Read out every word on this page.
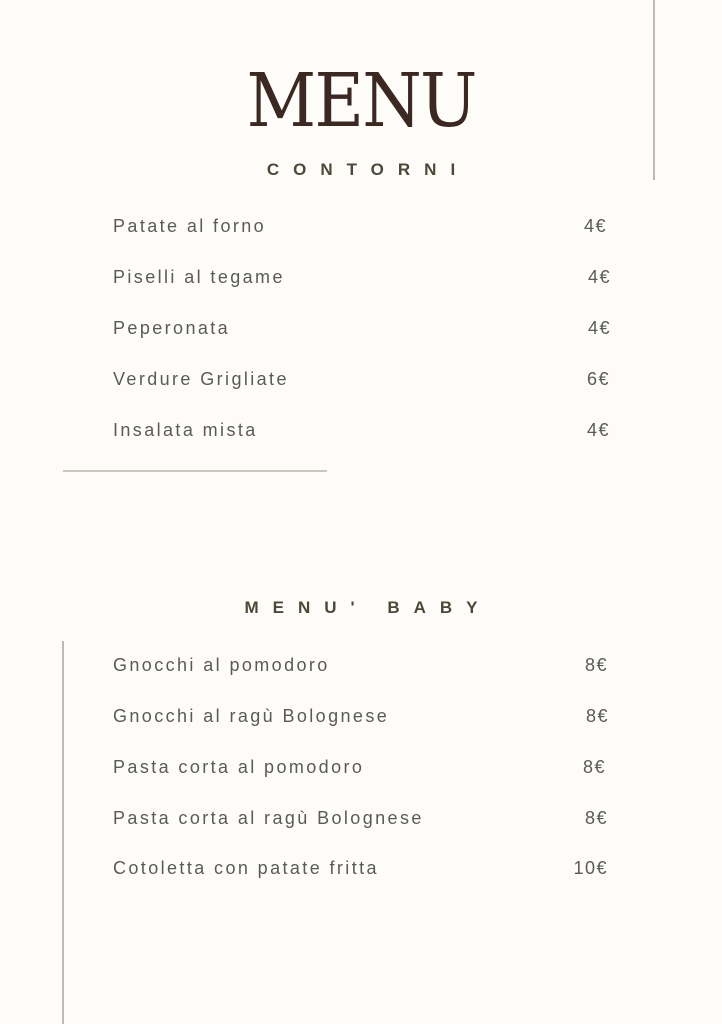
MENU
CONTORNI
Patate al forno	4€
Piselli al tegame	4€
Peperonata	4€
Verdure Grigliate	6€
Insalata mista	4€
MENU' BABY
Gnocchi al pomodoro	8€
Gnocchi al ragù Bolognese	8€
Pasta corta al pomodoro	8€
Pasta corta al ragù Bolognese	8€
Cotoletta con patate fritta	10€
